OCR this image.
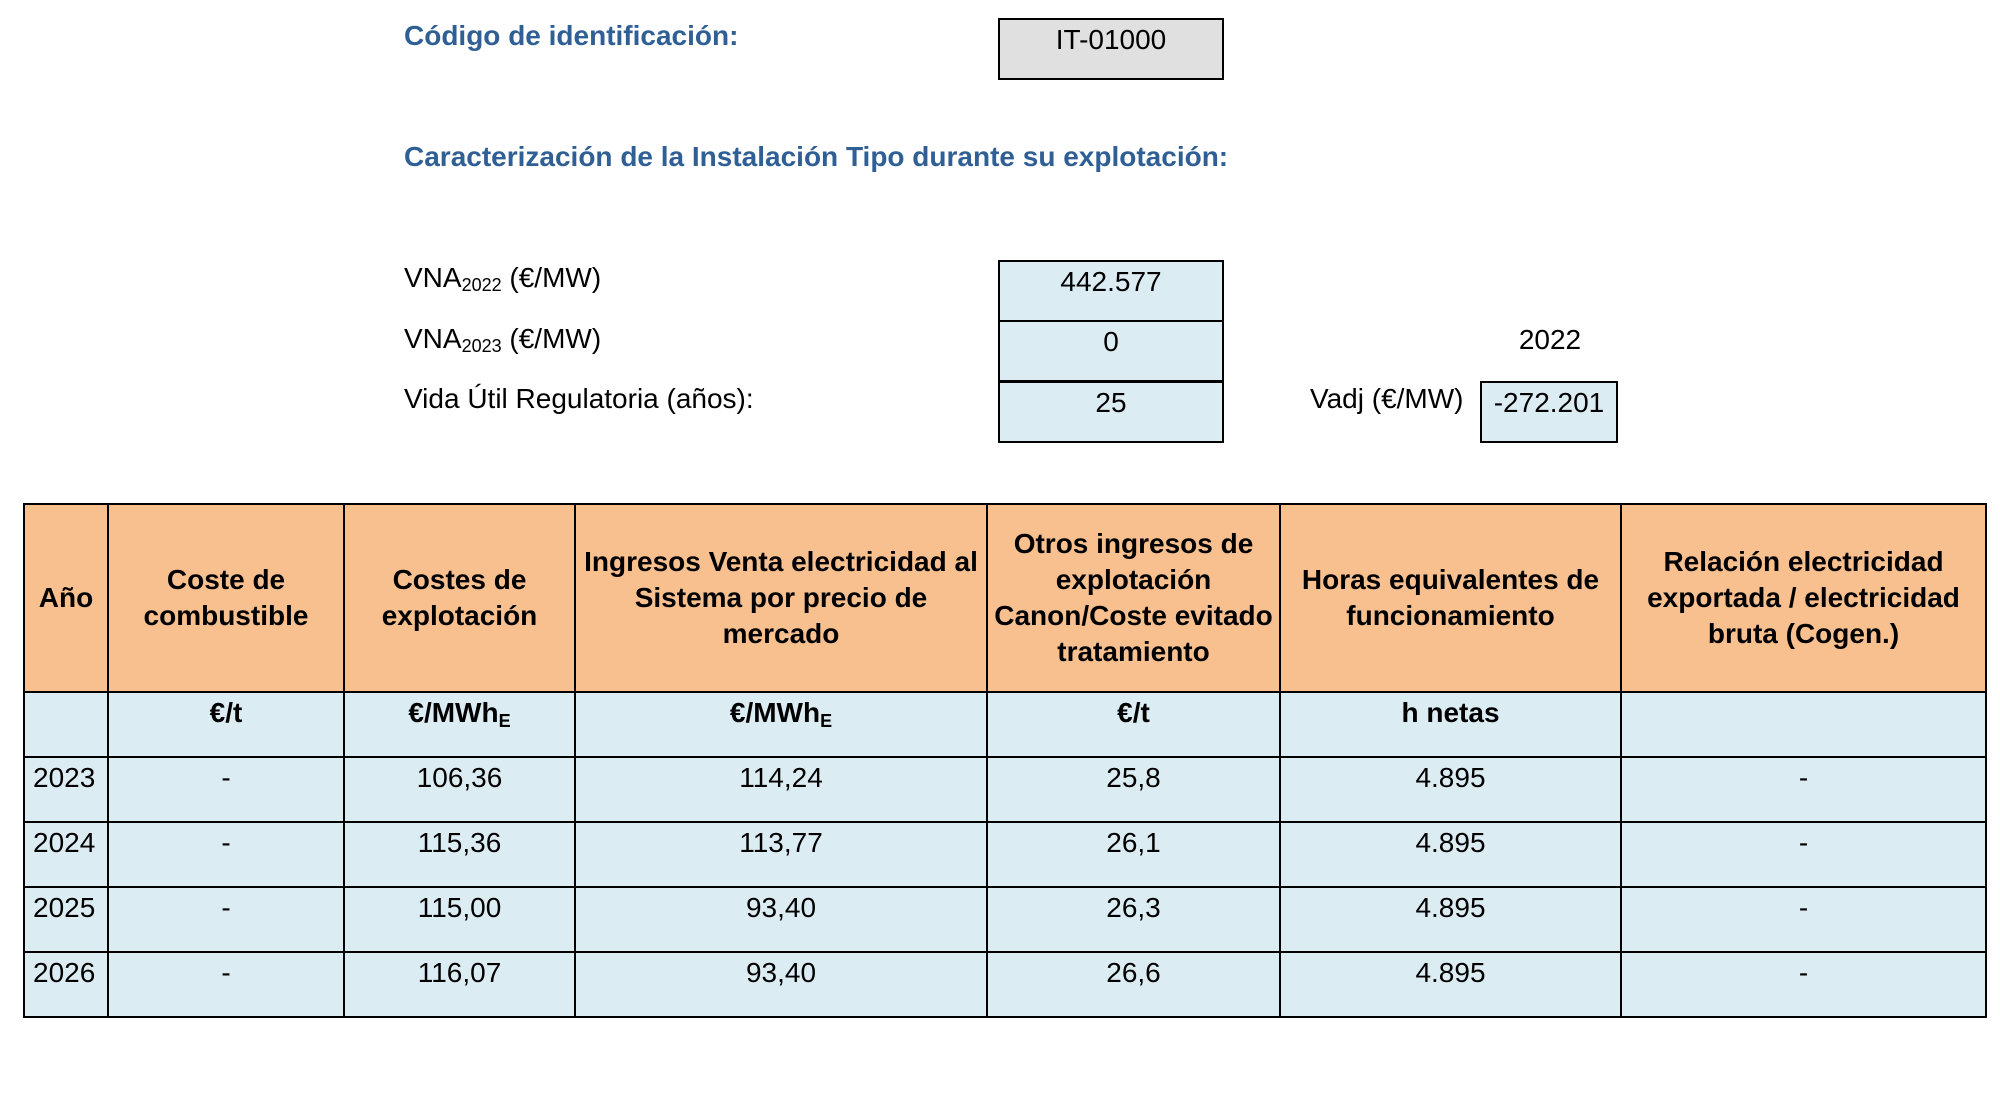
Código de identificación:	IT-01000
Caracterización de la Instalación Tipo durante su explotación:
$VNA_{2022}$ (€/MW)	442.577
$VNA_{2023}$ (€/MW)	0
Vida Útil Regulatoria (años):	25
2022
Vadj (€/MW)	-272.201
Año	Coste de combustible	Costes de explotación	Ingresos Venta electricidad al Sistema por precio de mercado	Otros ingresos de explotación Canon/Coste evitado tratamiento	Horas equivalentes de funcionamiento	Relación electricidad exportada / electricidad bruta (Cogen.)
	€/t	€/MWh$_E$	€/MWh$_E$	€/t	h netas	
2023	-	106,36	114,24	25,8	4.895	-
2024	-	115,36	113,77	26,1	4.895	-
2025	-	115,00	93,40	26,3	4.895	-
2026	-	116,07	93,40	26,6	4.895	-
